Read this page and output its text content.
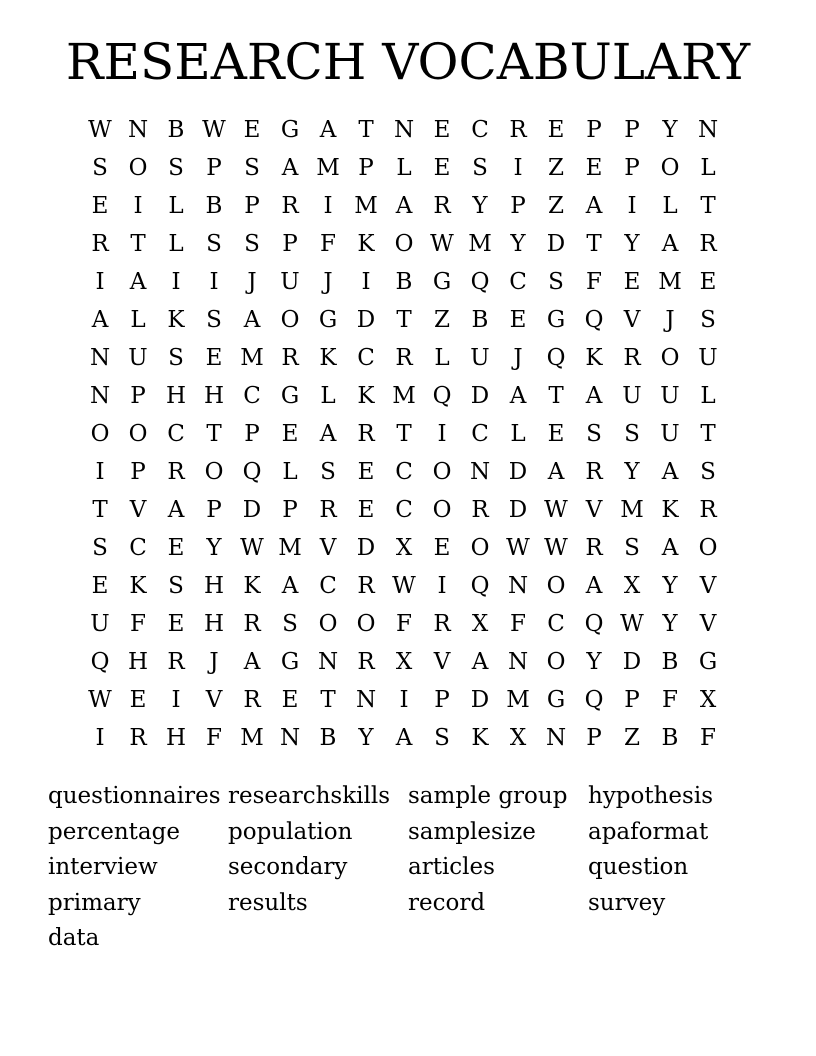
RESEARCH VOCABULARY
W N B W E G A T N E C R E P P Y N
S O S P S A M P L E S	I	Z E P O L
E	I	L B P R	I M A R Y P Z A	I	L T
R T L S S P F K O W M Y D T Y A R
I	A	I	I	J	U	J	I	B G Q C S F E M E
A L K S A O G D T Z B E G Q V	J	S
N U S E M R K C R L U	J	Q K R O U
N P H H C G L K M Q D A T A U U L
O O C T P E A R T	I	C L E S S U T
I	P R O Q L S E C O N D A R Y A S
T V A P D P R E C O R D W V M K R
S C E Y W M V D X E O W W R S A O
E K S H K A C R W I	Q N O A X Y V
U F E H R S O O F R X F C Q W Y V
Q H R	J	A G N R X V A N O Y D B G
W E	I	V R E T N	I	P D M G Q P F X
I	R H F M N B Y A S K X N P Z B F
questionnaires researchskills sample group hypothesis
percentage	population	samplesize	apaformat
interview	secondary	articles	question
primary	results	record	survey
data
